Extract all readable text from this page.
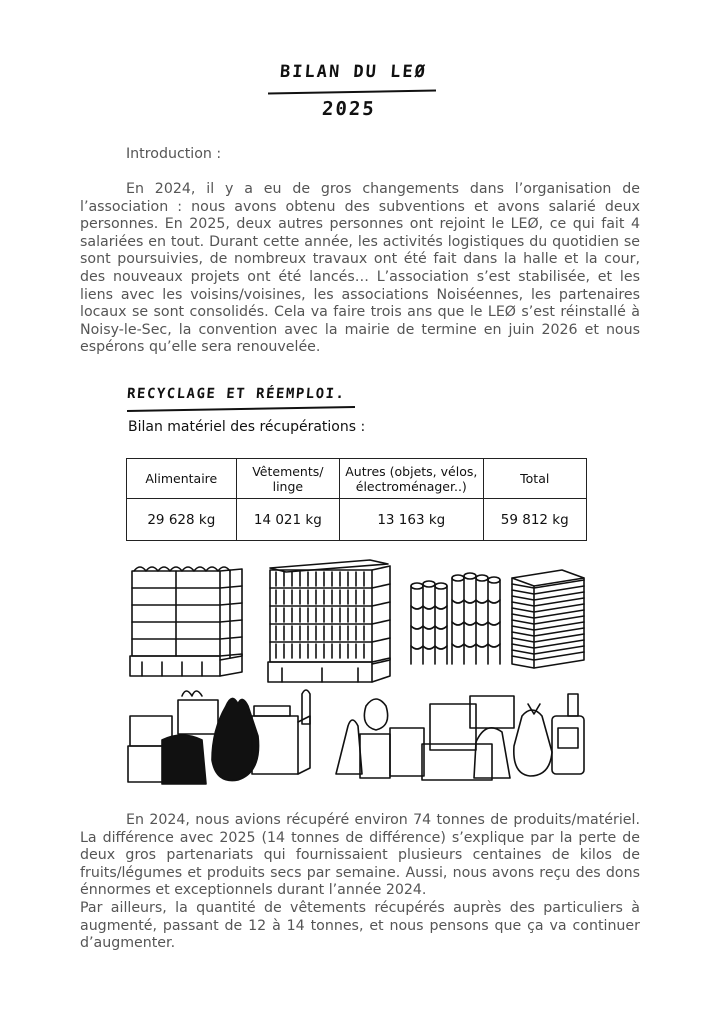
BILAN DU LEØ
2025
Introduction :

En 2024, il y a eu de gros changements dans l’organisation de l’association : nous avons obtenu des subventions et avons salarié deux personnes. En 2025, deux autres personnes ont rejoint le LEØ, ce qui fait 4 salariées en tout. Durant cette année, les activités logistiques du quotidien se sont poursuivies, de nombreux travaux ont été fait dans la halle et la cour, des nouveaux projets ont été lancés… L’association s’est stabilisée, et les liens avec les voisins/voisines, les associations Noiséennes, les partenaires locaux se sont consolidés. Cela va faire trois ans que le LEØ s’est réinstallé à Noisy-le-Sec, la convention avec la mairie de termine en juin 2026 et nous espérons qu’elle sera renouvelée.

RECYCLAGE ET RÉEMPLOI.
Bilan matériel des récupérations :
Alimentaire	Vêtements/ linge	Autres (objets, vélos, électroménager..)	Total
29 628 kg	14 021 kg	13 163 kg	59 812 kg
En 2024, nous avions récupéré environ 74 tonnes de produits/matériel. La différence avec 2025 (14 tonnes de différence) s’explique par la perte de deux gros partenariats qui fournissaient plusieurs centaines de kilos de fruits/légumes et produits secs par semaine. Aussi, nous avons reçu des dons énnormes et exceptionnels durant l’année 2024.
Par ailleurs, la quantité de vêtements récupérés auprès des particuliers à augmenté, passant de 12 à 14 tonnes, et nous pensons que ça va continuer d’augmenter.
